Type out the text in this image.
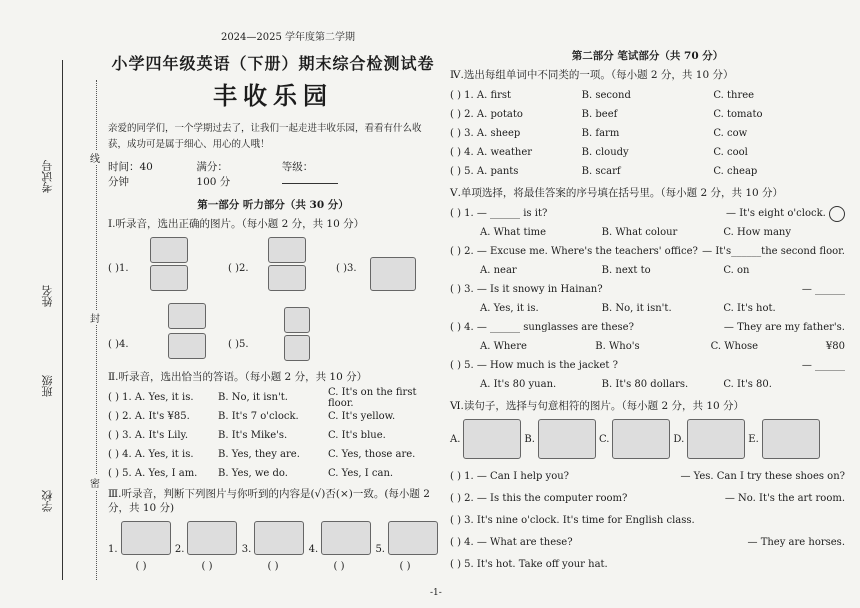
考试号
姓名
班级
学校
线
封
密
2024—2025 学年度第二学期
小学四年级英语（下册）期末综合检测试卷
丰收乐园
亲爱的同学们，一个学期过去了，让我们一起走进丰收乐园，看看有什么收获，成功可是属于细心、用心的人哦！
时间：40 分钟
满分：100 分
等级：
第一部分 听力部分（共 30 分）
Ⅰ.听录音，选出正确的图片。（每小题 2 分，共 10 分）
( )1.	( )2.	( )3.
( )4.	( )5.
Ⅱ.听录音，选出恰当的答语。（每小题 2 分，共 10 分）
( ) 1. A. Yes, it is.	B. No, it isn't.	C. It's on the first floor.
( ) 2. A. It's ¥85.	B. It's 7 o'clock.	C. It's yellow.
( ) 3. A. It's Lily.	B. It's Mike's.	C. It's blue.
( ) 4. A. Yes, it is.	B. Yes, they are.	C. Yes, those are.
( ) 5. A. Yes, I am.	B. Yes, we do.	C. Yes, I can.
Ⅲ.听录音，判断下列图片与你听到的内容是(√)否(×)一致。(每小题 2 分，共 10 分)
1.	2.	3.	4.	5.
( )	( )	( )	( )	( )
第二部分 笔试部分（共 70 分）
Ⅳ.选出每组单词中不同类的一项。（每小题 2 分，共 10 分）
( ) 1. A. first	B. second	C. three
( ) 2. A. potato	B. beef	C. tomato
( ) 3. A. sheep	B. farm	C. cow
( ) 4. A. weather	B. cloudy	C. cool
( ) 5. A. pants	B. scarf	C. cheap
Ⅴ.单项选择，将最佳答案的序号填在括号里。（每小题 2 分，共 10 分）
( ) 1. — ______ is it?	— It's eight o'clock.

A. What time	B. What colour	C. How many
( ) 2. — Excuse me. Where's the teachers' office? — It's______the second floor.
A. near	B. next to	C. on
( ) 3. — Is it snowy in Hainan?	— ______
A. Yes, it is.	B. No, it isn't.	C. It's hot.
( ) 4. — ______ sunglasses are these?	— They are my father's.
A. Where	B. Who's	C. Whose	¥80
( ) 5. — How much is the jacket ?	— ______
A. It's 80 yuan.	B. It's 80 dollars.	C. It's 80.
Ⅵ.读句子，选择与句意相符的图片。（每小题 2 分，共 10 分）
A.	B.	C.	D.	E.
( ) 1. — Can I help you?	— Yes. Can I try these shoes on?
( ) 2. — Is this the computer room?	— No. It's the art room.
( ) 3. It's nine o'clock. It's time for English class.
( ) 4. — What are these?	— They are horses.
( ) 5. It's hot. Take off your hat.
-1-
